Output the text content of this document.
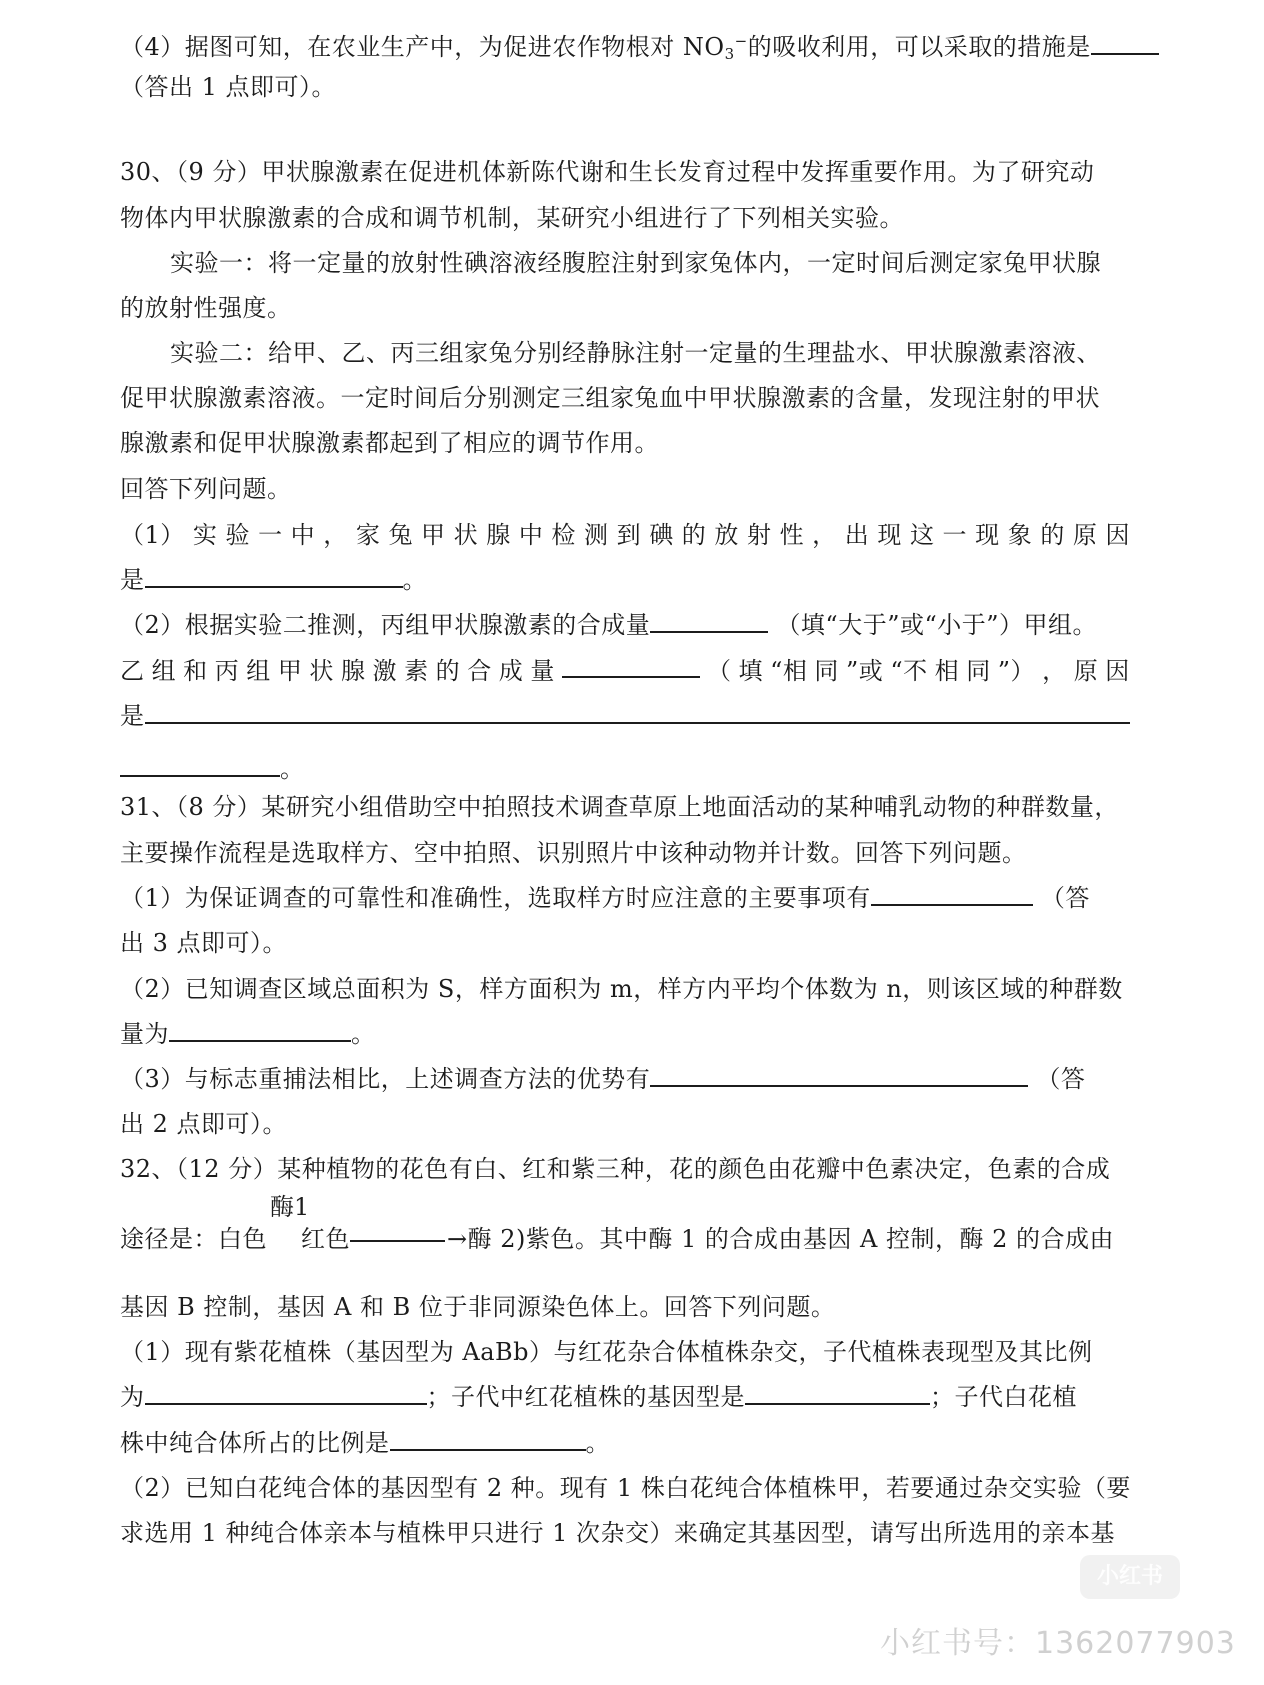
（4）据图可知，在农业生产中，为促进农作物根对 $NO_3^-$的吸收利用，可以采取的措施是
（答出 1 点即可）。
30、（9 分）甲状腺激素在促进机体新陈代谢和生长发育过程中发挥重要作用。为了研究动
物体内甲状腺激素的合成和调节机制，某研究小组进行了下列相关实验。
实验一：将一定量的放射性碘溶液经腹腔注射到家兔体内，一定时间后测定家兔甲状腺
的放射性强度。
实验二：给甲、乙、丙三组家兔分别经静脉注射一定量的生理盐水、甲状腺激素溶液、
促甲状腺激素溶液。一定时间后分别测定三组家兔血中甲状腺激素的含量，发现注射的甲状
腺激素和促甲状腺激素都起到了相应的调节作用。
回答下列问题。
（1） 实 验 一 中 ， 家 兔 甲 状 腺 中 检 测 到 碘 的 放 射 性 ， 出 现 这 一 现 象 的 原 因
是	。
（2）根据实验二推测，丙组甲状腺激素的合成量	（填“大于”或“小于”）甲组。
乙 组 和 丙 组 甲 状 腺 激 素 的 合 成 量	（ 填 “相 同 ”或 “不 相 同 ”） ， 原 因
是
。
31、（8 分）某研究小组借助空中拍照技术调查草原上地面活动的某种哺乳动物的种群数量，
主要操作流程是选取样方、空中拍照、识别照片中该种动物并计数。回答下列问题。
（1）为保证调查的可靠性和准确性，选取样方时应注意的主要事项有	（答
出 3 点即可）。
（2）已知调查区域总面积为 S，样方面积为 m，样方内平均个体数为 n，则该区域的种群数
量为	。
（3）与标志重捕法相比，上述调查方法的优势有	（答
出 2 点即可）。
32、（12 分）某种植物的花色有白、红和紫三种，花的颜色由花瓣中色素决定，色素的合成
酶1
途径是：白色 红色	→酶 2)紫色。其中酶 1 的合成由基因 A 控制，酶 2 的合成由
基因 B 控制，基因 A 和 B 位于非同源染色体上。回答下列问题。
（1）现有紫花植株（基因型为 AaBb）与红花杂合体植株杂交，子代植株表现型及其比例
为	；子代中红花植株的基因型是	；子代白花植
株中纯合体所占的比例是	。
（2）已知白花纯合体的基因型有 2 种。现有 1 株白花纯合体植株甲，若要通过杂交实验（要
求选用 1 种纯合体亲本与植株甲只进行 1 次杂交）来确定其基因型，请写出所选用的亲本基
小红书
小红书号：1362077903
